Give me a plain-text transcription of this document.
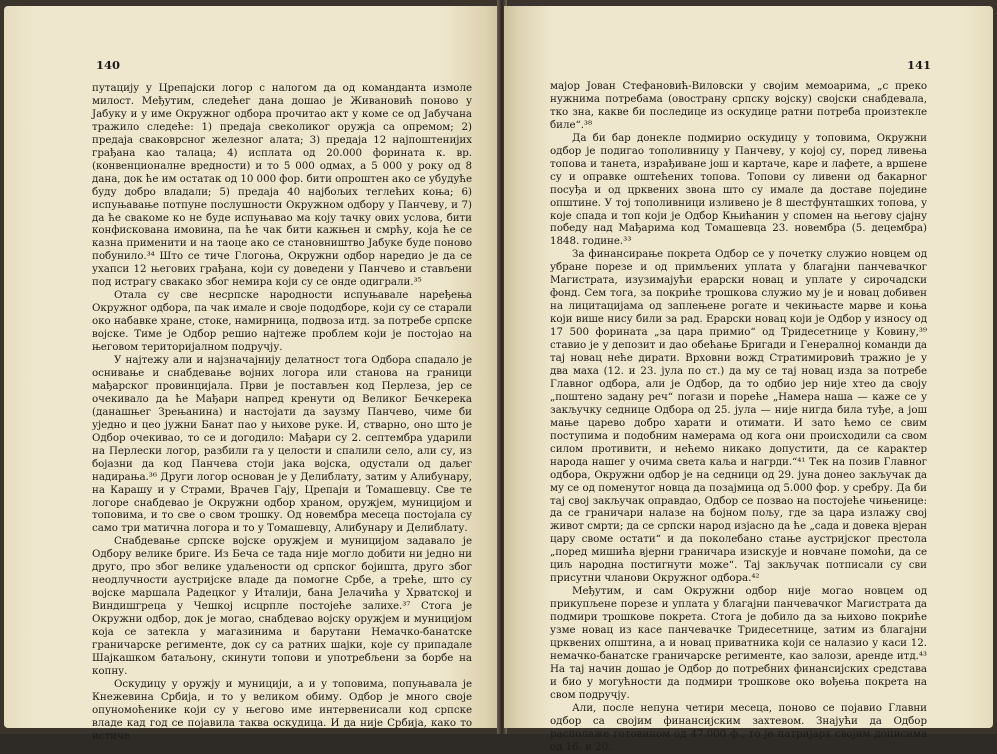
140

путацију у Црепајски логор с налогом да од команданта измоле милост. Међутим, следећег дана дошао је Живановић поново у Јабуку и у име Окружног одбора прочитао акт у коме се од Јабучана тражило следеће: 1) предаја свеколиког оружја са опремом; 2) предаја сваковрсног железног алата; 3) предаја 12 најпоштенијих грађана као талаца; 4) исплата од 20.000 форината к. вр. (конвенционалне вредности) и то 5 000 одмах, а 5 000 у року од 8 дана, док ће им остатак од 10 000 фор. бити опроштен ако се убудуће буду добро владали; 5) предаја 40 најбољих теглећих коња; 6) испуњавање потпуне послушности Окружном одбору у Панчеву, и 7) да ће свакоме ко не буде испуњавао ма коју тачку ових услова, бити конфискована имовина, па ће чак бити кажњен и смрћу, која ће се казна применити и на таоце ако се становништво Јабуке буде поново побунило.³⁴ Што се тиче Глогоња, Окружни одбор наредио је да се ухапси 12 његових грађана, који су доведени у Панчево и стављени под истрагу свакако због немира који су се онде одиграли.³⁵

Отала су све несрпске народности испуњавале наређења Окружног одбора, па чак имале и своје пододборе, који су се старали око набавке хране, стоке, намирница, подвоза итд. за потребе српске војске. Тиме је Одбор решио најтеже проблем који је постојао на његовом територијалном подручју.

У најтежу али и најзначајнију делатност тога Одбора спадало је оснивање и снабдевање војних логора или станова на граници мађарског провинцијала. Први је постављен код Перлеза, јер се очекивало да ће Мађари напред кренути од Великог Бечкерека (данашњег Зрењанина) и настојати да заузму Панчево, чиме би уједно и цео јужни Банат пао у њихове руке. И, стварно, оно што је Одбор очекивао, то се и догодило: Мађари су 2. септембра ударили на Перлески логор, разбили га у целости и спалили село, али су, из бојазни да код Панчева стоји јака војска, одустали од даљег надирања.³⁶ Други логор основан је у Делиблату, затим у Алибунару, на Карашу и у Страми, Врачев Гају, Црепаји и Томашевцу. Све те логоре снабдевао је Окружни одбор храном, оружјем, муницијом и топовима, и то све о свом трошку. Од новембра месеца постојала су само три матична логора и то у Томашевцу, Алибунару и Делиблату.

Снабдевање српске војске оружјем и муницијом задавало је Одбору велике бриге. Из Беча се тада није могло добити ни једно ни друго, про због велике удаљености од српског бојишта, друго због неодлучности аустријске владе да помогне Србе, а треће, што су војске маршала Радецког у Италији, бана Јелачића у Хрватској и Виндишгреца у Чешкој исцрпле постојеће залихе.³⁷ Стога је Окружни одбор, док је могао, снабдевао војску оружјем и муницијом која се затекла у магазинима и барутани Немачко-банатске граничарске регименте, док су са ратних шајки, које су припадале Шајкашком батаљону, скинути топови и употребљени за борбе на копну.

Оскудицу у оружју и муницији, а и у топовима, попуњавала је Кнежевина Србија, и то у великом обиму. Одбор је много своје опуномоћенике који су у његово име интервенисали код српске владе кад год се појавила таква оскудица. И да није Србија, како то истиче

141

мајор Јован Стефановић-Виловски у својим мемоарима, „с преко нужнима потребама (овострану српску војску) својски снабдевала, тко зна, какве би последице из оскудице ратни потреба произтекле биле“.³⁸

Да би бар донекле подмирио оскудицу у топовима, Окружни одбор је подигао тополивницу у Панчеву, у којој су, поред ливења топова и танета, израђиване још и картаче, каре и лафете, а вршене су и оправке оштећених топова. Топови су ливени од бакарног посуђа и од црквених звона што су имале да доставе поједине општине. У тој тополивници изливено је 8 шестфунташких топова, у које спада и топ који је Одбор Књићанин у спомен на његову сјајну победу над Мађарима код Томашевца 23. новембра (5. децембра) 1848. године.³³

За финансирање покрета Одбор се у почетку служио новцем од убране порезе и од примљених уплата у благајни панчевачког Магистрата, изузимајући ерарски новац и уплате у сирочадски фонд. Сем тога, за покриће трошкова служио му је и новац добивен на лицитацијама од заплењене рогате и чекињасте марве и коња који више нису били за рад. Ерарски новац који је Одбор у износу од 17 500 форината „за цара примио“ од Тридесетнице у Ковину,³⁹ ставио је у депозит и дао обећање Бригади и Генералној команди да тај новац неће дирати. Врховни вожд Стратимировић тражио је у два маха (12. и 23. јула по ст.) да му се тај новац изда за потребе Главног одбора, али је Одбор, да то одбио јер није хтео да своју „поштено задану реч“ погази и пореће „Намера наша — каже се у закључку седнице Одбора од 25. јула — није нигда била туђе, а још мање царево добро харати и отимати. И зато ћемо се свим поступима и подобним намерама од кога они происходили са свом силом противити, и нећемо никако допустити, да се карактер народа нашег у очима света каља и нагрди.“⁴¹ Тек на позив Главног одбора, Окружни одбор је на седници од 29. јуна донео закључак да му се од поменутог новца да позајмица од 5.000 фор. у сребру. Да би тај свој закључак оправдао, Одбор се позвао на постојеће чињенице: да се граничари налазе на бојном пољу, где за цара излажу свој живот смрти; да се српски народ изјасно да ће „сада и довека вјеран цару своме остати“ и да поколебано стање аустријског престола „поред мишића вјерни граничара изискује и новчане помоћи, да се циљ народна постигнути може“. Тај закључак потписали су сви присутни чланови Окружног одбора.⁴²

Међутим, и сам Окружни одбор није могао новцем од прикупљене порезе и уплата у благајни панчевачког Магистрата да подмири трошкове покрета. Стога је добило да за њихово покриће узме новац из касе панчевачке Тридесетнице, затим из благајни црквених општина, а и новац приватника који се налазио у каси 12. немачко-банатске граничарске регименте, као залози, аренде итд.⁴³ На тај начин дошао је Одбор до потребних финансијских средстава и био у могућности да подмири трошкове око вођења покрета на свом подручју.

Али, после непуна четири месеца, поново се појавио Главни одбор са својим финансијским захтевом. Знајући да Одбор располаже готовином од 47.000 ф., то је патријарх својим дописима од 16. и 20.
